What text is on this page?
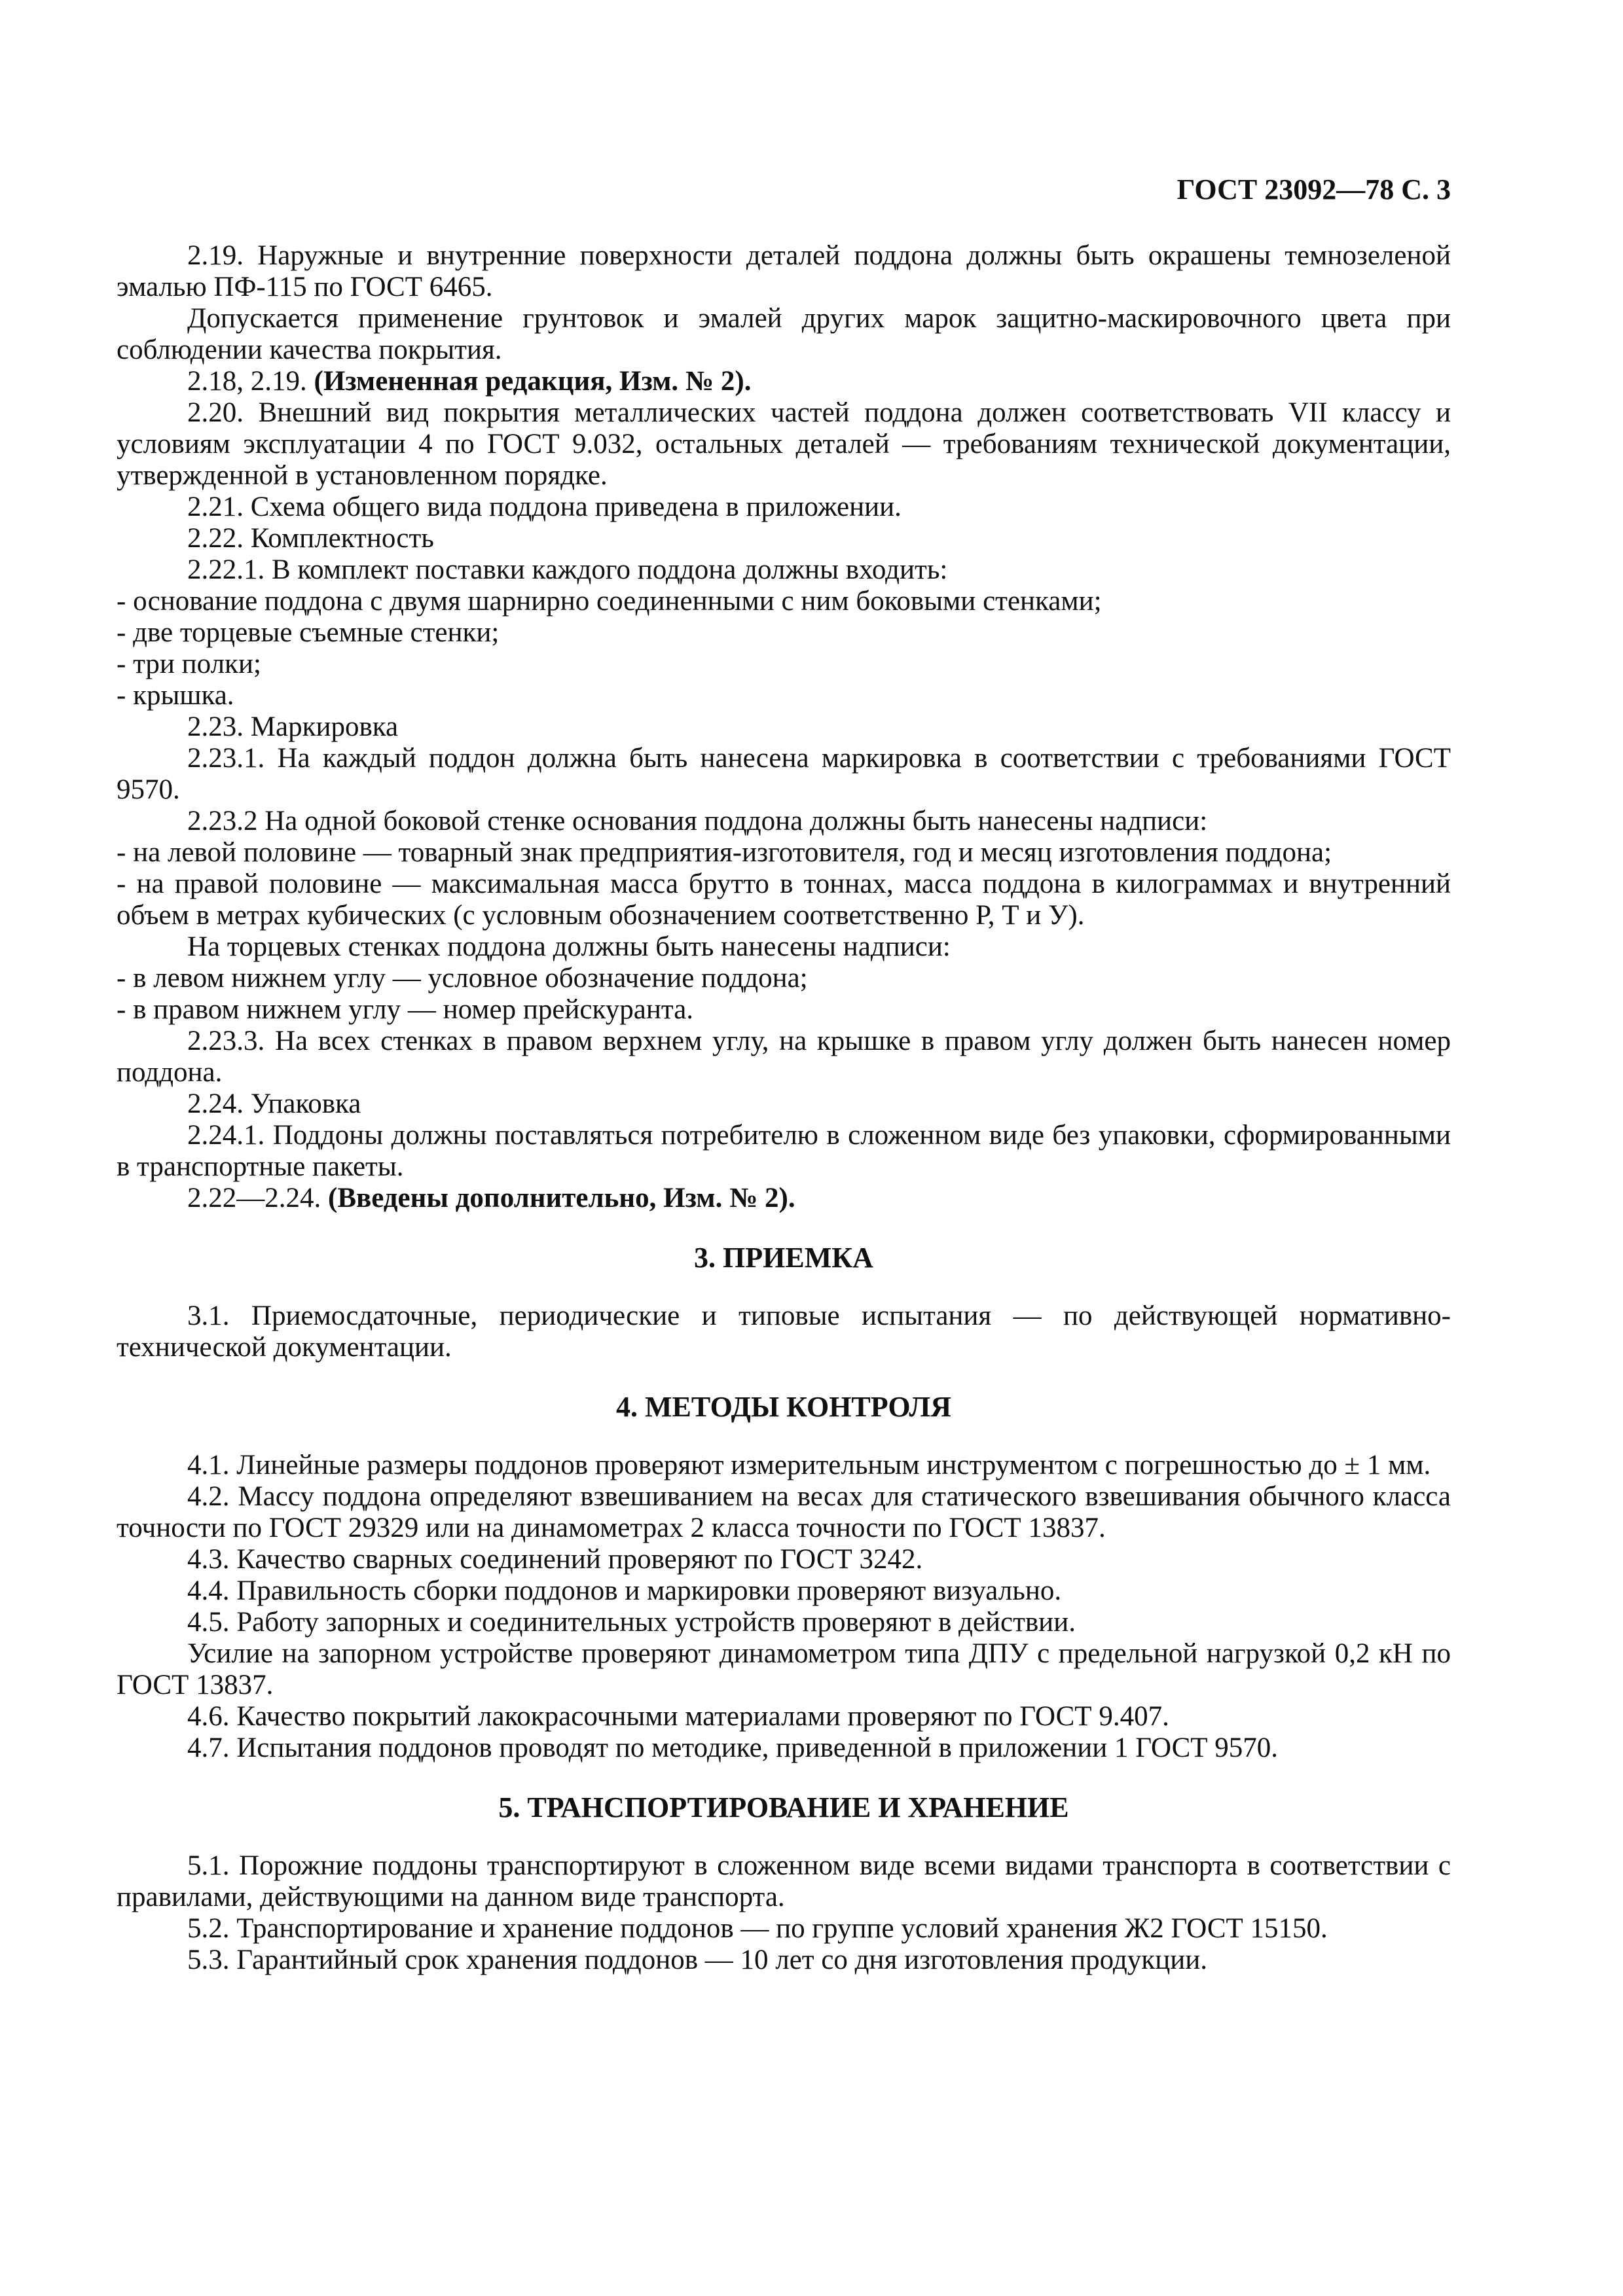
ГОСТ 23092—78 С. 3

2.19. Наружные и внутренние поверхности деталей поддона должны быть окрашены темнозеленой эмалью ПФ-115 по ГОСТ 6465.

Допускается применение грунтовок и эмалей других марок защитно-маскировочного цвета при соблюдении качества покрытия.

2.18, 2.19. (Измененная редакция, Изм. № 2).

2.20. Внешний вид покрытия металлических частей поддона должен соответствовать VII классу и условиям эксплуатации 4 по ГОСТ 9.032, остальных деталей — требованиям технической документации, утвержденной в установленном порядке.

2.21. Схема общего вида поддона приведена в приложении.

2.22. Комплектность

2.22.1. В комплект поставки каждого поддона должны входить:

- основание поддона с двумя шарнирно соединенными с ним боковыми стенками;

- две торцевые съемные стенки;

- три полки;

- крышка.

2.23. Маркировка

2.23.1. На каждый поддон должна быть нанесена маркировка в соответствии с требованиями ГОСТ 9570.

2.23.2 На одной боковой стенке основания поддона должны быть нанесены надписи:

- на левой половине — товарный знак предприятия-изготовителя, год и месяц изготовления поддона;

- на правой половине — максимальная масса брутто в тоннах, масса поддона в килограммах и внутренний объем в метрах кубических (с условным обозначением соответственно Р, Т и У).

На торцевых стенках поддона должны быть нанесены надписи:

- в левом нижнем углу — условное обозначение поддона;

- в правом нижнем углу — номер прейскуранта.

2.23.3. На всех стенках в правом верхнем углу, на крышке в правом углу должен быть нанесен номер поддона.

2.24. Упаковка

2.24.1. Поддоны должны поставляться потребителю в сложенном виде без упаковки, сформированными в транспортные пакеты.

2.22—2.24. (Введены дополнительно, Изм. № 2).

3. ПРИЕМКА

3.1. Приемосдаточные, периодические и типовые испытания — по действующей нормативнотехнической документации.

4. МЕТОДЫ КОНТРОЛЯ

4.1. Линейные размеры поддонов проверяют измерительным инструментом с погрешностью до ± 1 мм.

4.2. Массу поддона определяют взвешиванием на весах для статического взвешивания обычного класса точности по ГОСТ 29329 или на динамометрах 2 класса точности по ГОСТ 13837.

4.3. Качество сварных соединений проверяют по ГОСТ 3242.

4.4. Правильность сборки поддонов и маркировки проверяют визуально.

4.5. Работу запорных и соединительных устройств проверяют в действии.

Усилие на запорном устройстве проверяют динамометром типа ДПУ с предельной нагрузкой 0,2 кН по ГОСТ 13837.

4.6. Качество покрытий лакокрасочными материалами проверяют по ГОСТ 9.407.

4.7. Испытания поддонов проводят по методике, приведенной в приложении 1 ГОСТ 9570.

5. ТРАНСПОРТИРОВАНИЕ И ХРАНЕНИЕ

5.1. Порожние поддоны транспортируют в сложенном виде всеми видами транспорта в соответствии с правилами, действующими на данном виде транспорта.

5.2. Транспортирование и хранение поддонов — по группе условий хранения Ж2 ГОСТ 15150.

5.3. Гарантийный срок хранения поддонов — 10 лет со дня изготовления продукции.
